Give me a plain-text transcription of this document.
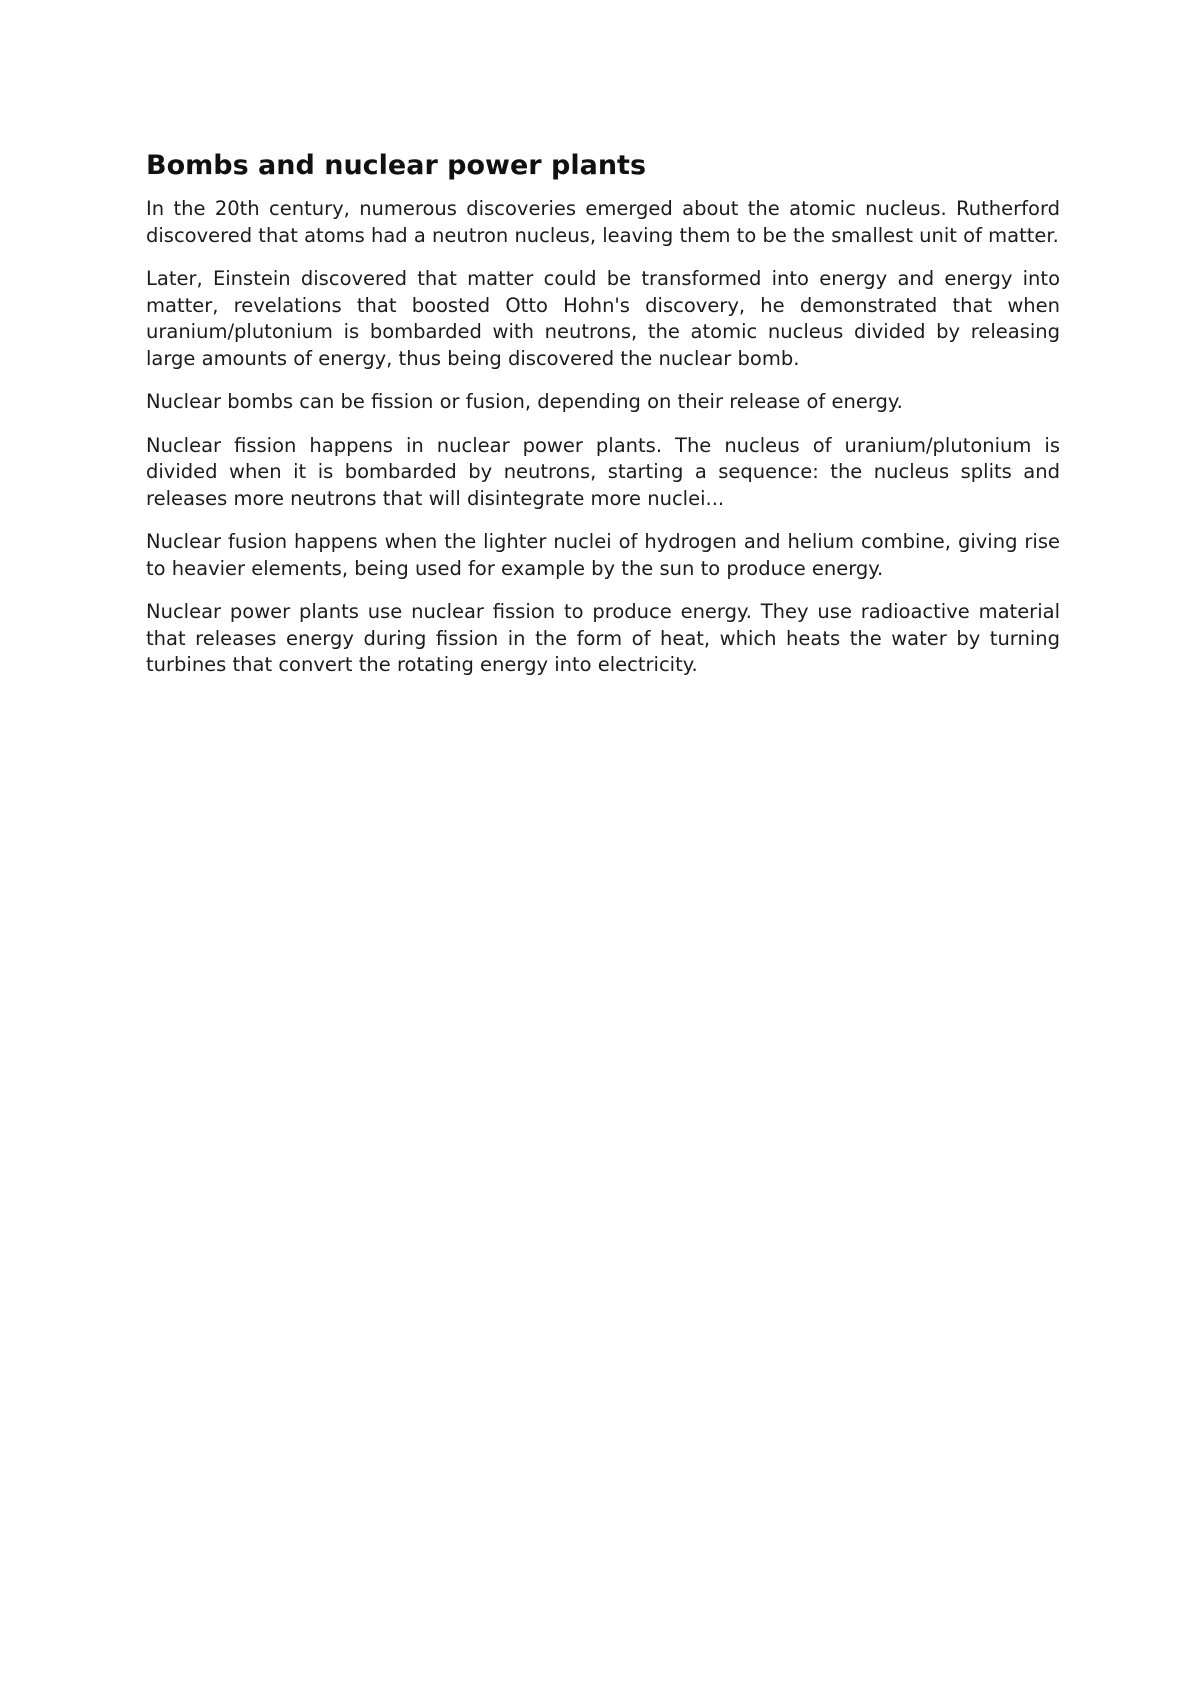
Bombs and nuclear power plants

In the 20th century, numerous discoveries emerged about the atomic nucleus. Rutherford discovered that atoms had a neutron nucleus, leaving them to be the smallest unit of matter.

Later, Einstein discovered that matter could be transformed into energy and energy into matter, revelations that boosted Otto Hohn's discovery, he demonstrated that when uranium/plutonium is bombarded with neutrons, the atomic nucleus divided by releasing large amounts of energy, thus being discovered the nuclear bomb.

Nuclear bombs can be fission or fusion, depending on their release of energy.

Nuclear fission happens in nuclear power plants. The nucleus of uranium/plutonium is divided when it is bombarded by neutrons, starting a sequence: the nucleus splits and releases more neutrons that will disintegrate more nuclei...

Nuclear fusion happens when the lighter nuclei of hydrogen and helium combine, giving rise to heavier elements, being used for example by the sun to produce energy.

Nuclear power plants use nuclear fission to produce energy. They use radioactive material that releases energy during fission in the form of heat, which heats the water by turning turbines that convert the rotating energy into electricity.
